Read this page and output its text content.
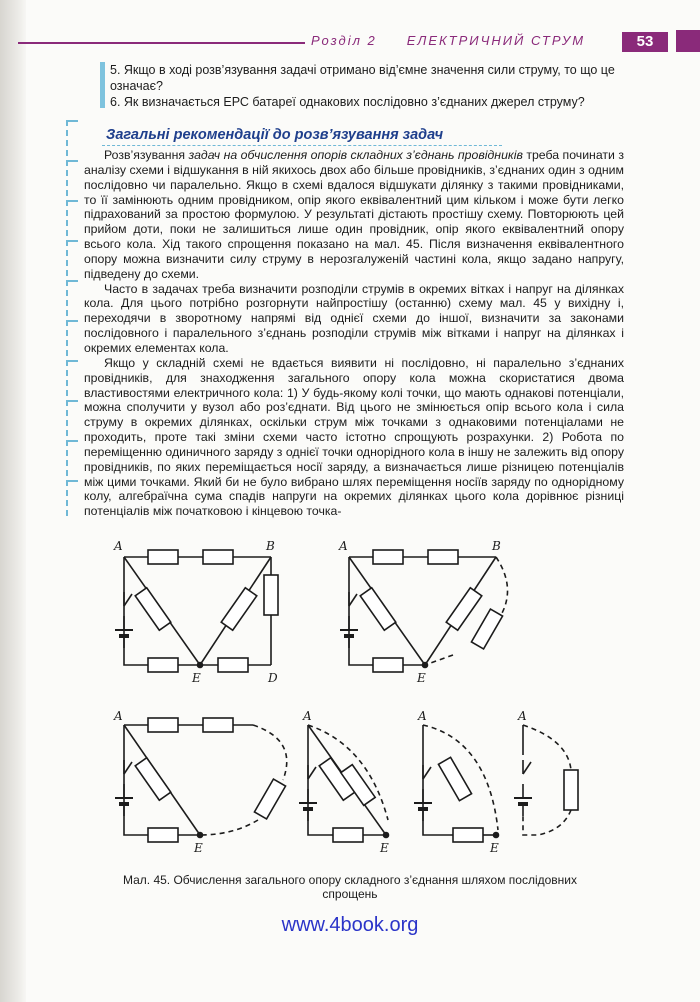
Розділ 2 ЕЛЕКТРИЧНИЙ СТРУМ	53
5. Якщо в ході розв’язування задачі отримано від’ємне значення сили струму, то що це означає?
6. Як визначається ЕРС батареї однакових послідовно з’єднаних джерел струму?
Загальні рекомендації до розв’язування задач

Розв’язування задач на обчислення опорів складних з’єднань провідників треба починати з аналізу схеми і відшукання в ній якихось двох або більше провідників, з’єднаних один з одним послідовно чи паралельно. Якщо в схемі вдалося відшукати ділянку з такими провідниками, то її замінюють одним провідником, опір якого еквівалентний цим кільком і може бути легко підрахований за простою формулою. У результаті дістають простішу схему. Повторюють цей прийом доти, поки не залишиться лише один провідник, опір якого еквівалентний опору всього кола. Хід такого спрощення показано на мал. 45. Після визначення еквівалентного опору можна визначити силу струму в нерозгалуженій частині кола, якщо задано напругу, підведену до схеми.

Часто в задачах треба визначити розподіли струмів в окремих вітках і напруг на ділянках кола. Для цього потрібно розгорнути найпростішу (останню) схему мал. 45 у вихідну і, переходячи в зворотному напрямі від однієї схеми до іншої, визначити за законами послідовного і паралельного з’єднань розподіли струмів між вітками і напруг на ділянках і окремих елементах кола.

Якщо у складній схемі не вдається виявити ні послідовно, ні паралельно з’єднаних провідників, для знаходження загального опору кола можна скористатися двома властивостями електричного кола: 1) У будь-якому колі точки, що мають однакові потенціали, можна сполучити у вузол або роз’єднати. Від цього не змінюється опір всього кола і сила струму в окремих ділянках, оскільки струм між точками з однаковими потенціалами не проходить, проте такі зміни схеми часто істотно спрощують розрахунки. 2) Робота по переміщенню одиничного заряду з однієї точки однорідного кола в іншу не залежить від опору провідників, по яких переміщається носії заряду, а визначається лише різницею потенціалів між цими точками. Який би не було вибрано шлях переміщення носіїв заряду по однорідному колу, алгебраїчна сума спадів напруги на окремих ділянках цього кола дорівнює різниці потенціалів між початковою і кінцевою точка-

A	B
D
E
A	B
E
A
E
A
E
A
E
A
Мал. 45. Обчислення загального опору складного з’єднання шляхом послідовних спрощень
www.4book.org
